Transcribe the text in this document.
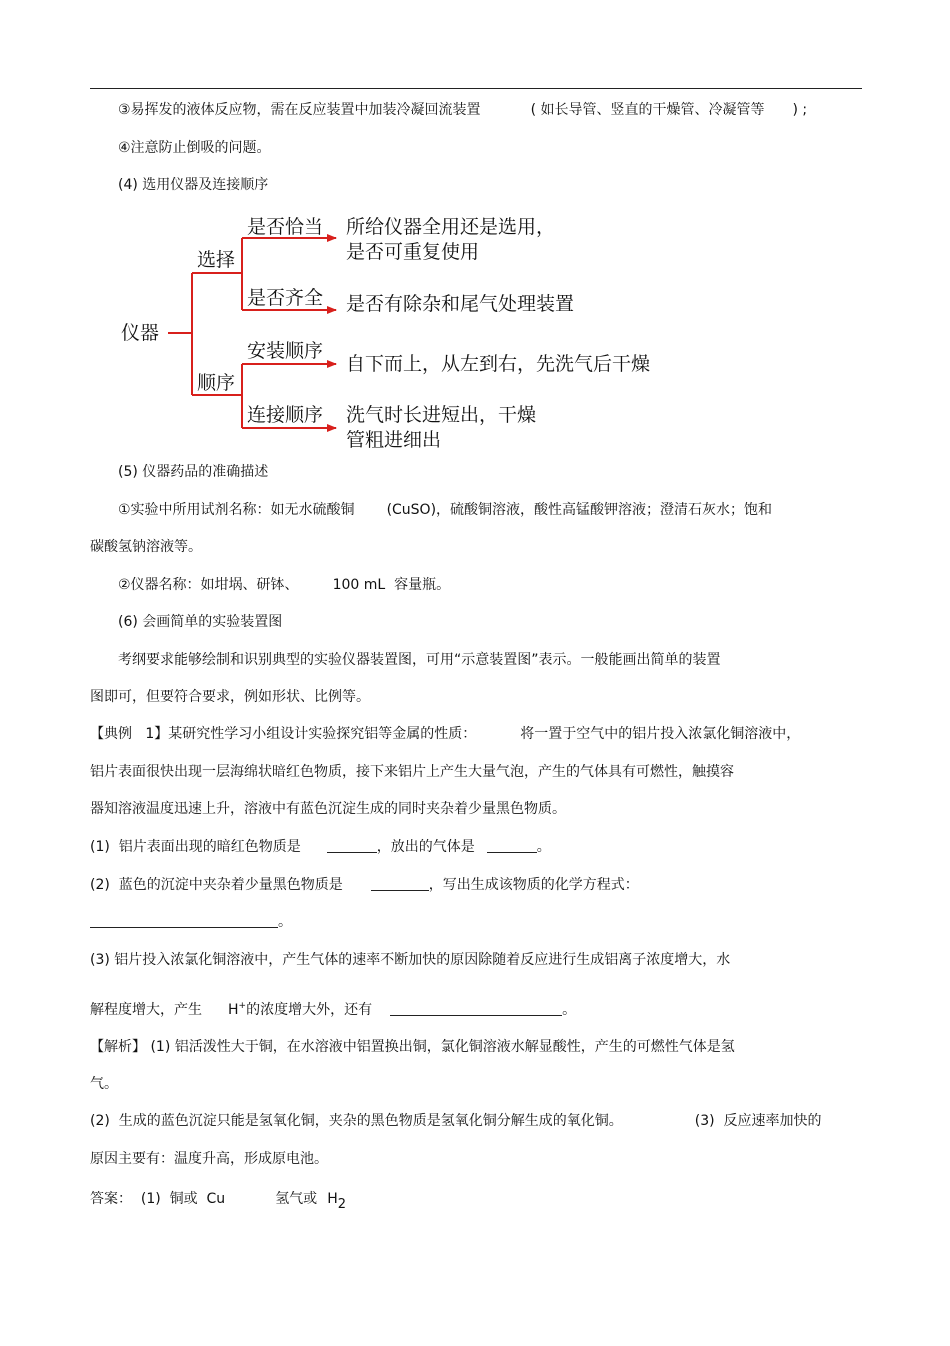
③易挥发的液体反应物，需在反应装置中加装冷凝回流装置	( 如长导管、竖直的干燥管、冷凝管等 ) ;
④注意防止倒吸的问题。
(4) 选用仪器及连接顺序
仪器
选择
顺序
是否恰当 所给仪器全用还是选用，
是否可重复使用
是否齐全 是否有除杂和尾气处理装置
安装顺序
自下而上，从左到右，先洗气后干燥
连接顺序 洗气时长进短出，干燥
管粗进细出
(5) 仪器药品的准确描述
①实验中所用试剂名称：如无水硫酸铜 (CuSO)，硫酸铜溶液，酸性高锰酸钾溶液；澄清石灰水；饱和
碳酸氢钠溶液等。
②仪器名称：如坩埚、研钵、 100 mL  容量瓶。
(6) 会画简单的实验装置图
考纲要求能够绘制和识别典型的实验仪器装置图，可用“示意装置图”表示。一般能画出简单的装置
图即可，但要符合要求，例如形状、比例等。
【典例   1】某研究性学习小组设计实验探究铝等金属的性质：	将一置于空气中的铝片投入浓氯化铜溶液中，
铝片表面很快出现一层海绵状暗红色物质，接下来铝片上产生大量气泡，产生的气体具有可燃性，触摸容
器知溶液温度迅速上升，溶液中有蓝色沉淀生成的同时夹杂着少量黑色物质。
(1)  铝片表面出现的暗红色物质是	，放出的气体是	。
(2)  蓝色的沉淀中夹杂着少量黑色物质是	，写出生成该物质的化学方程式：
。
(3) 铝片投入浓氯化铜溶液中，产生气体的速率不断加快的原因除随着反应进行生成铝离子浓度增大，水
解程度增大，产生 H+的浓度增大外，还有	。
【解析】 (1) 铝活泼性大于铜，在水溶液中铝置换出铜，氯化铜溶液水解显酸性，产生的可燃性气体是氢
气。
(2)  生成的蓝色沉淀只能是氢氧化铜，夹杂的黑色物质是氢氧化铜分解生成的氧化铜。	(3)  反应速率加快的
原因主要有：温度升高，形成原电池。
答案：  (1)  铜或  Cu	氢气或 H2
